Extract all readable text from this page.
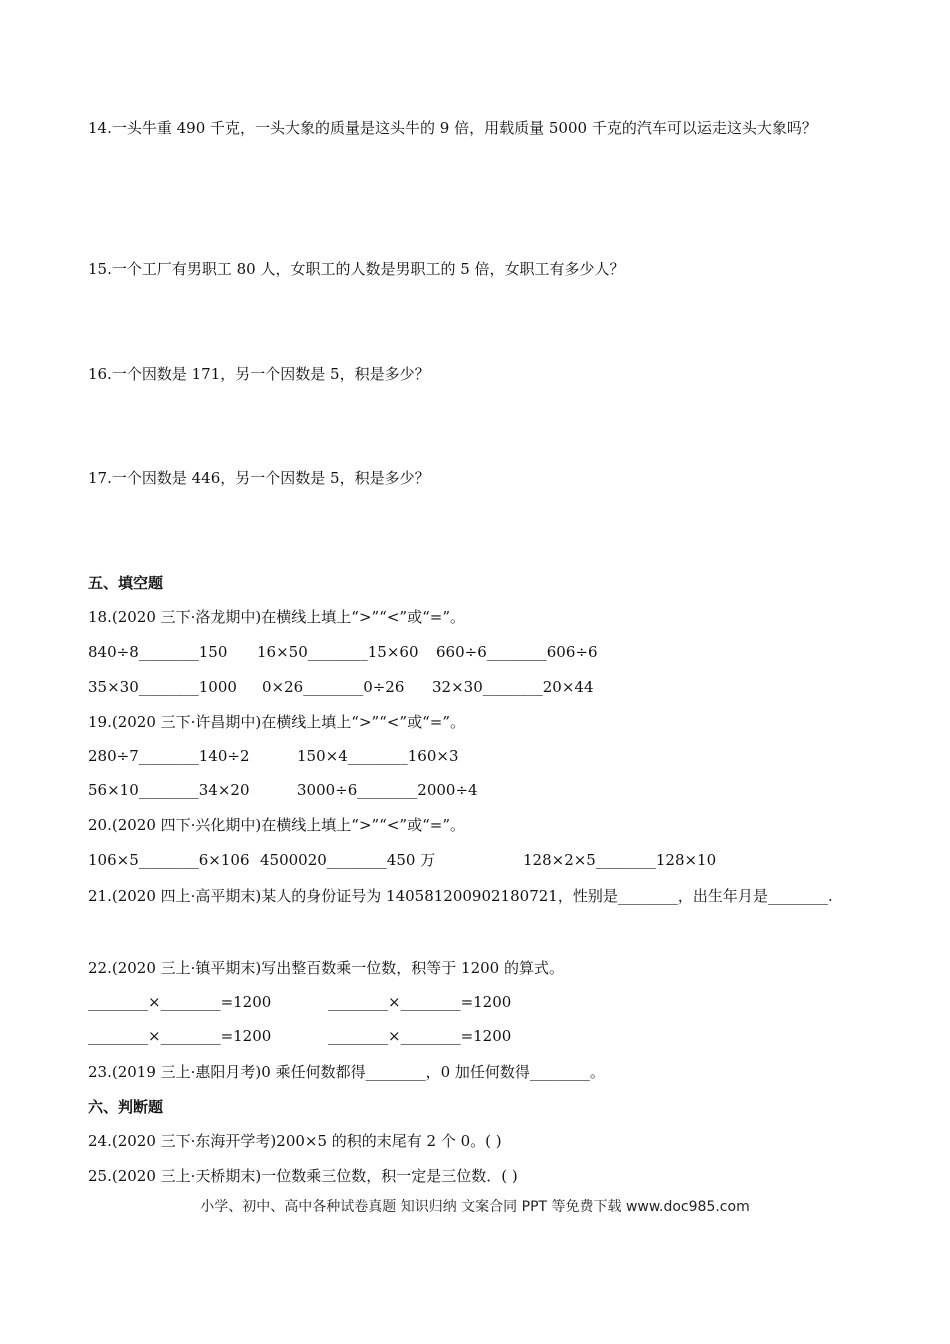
14.一头牛重 490 千克，一头大象的质量是这头牛的 9 倍，用载质量 5000 千克的汽车可以运走这头大象吗？
15.一个工厂有男职工 80 人，女职工的人数是男职工的 5 倍，女职工有多少人？
16.一个因数是 171，另一个因数是 5，积是多少？
17.一个因数是 446，另一个因数是 5，积是多少？
五、填空题
18.(2020 三下·洛龙期中)在横线上填上“>”“<”或“=”。
840÷8________150 16×50________15×60 660÷6________606÷6
35×30________1000 0×26________0÷26 32×30________20×44
19.(2020 三下·许昌期中)在横线上填上“>”“<”或“=”。
280÷7________140÷2	150×4________160×3
56×10________34×20	3000÷6________2000÷4
20.(2020 四下·兴化期中)在横线上填上“>”“<”或“=”。
106×5________6×106 4500020________450 万	128×2×5________128×10
21.(2020 四上·高平期末)某人的身份证号为 140581200902180721，性别是________，出生年月是________.
22.(2020 三上·镇平期末)写出整百数乘一位数，积等于 1200 的算式。
________×________=1200	________×________=1200
________×________=1200	________×________=1200
23.(2019 三上·惠阳月考)0 乘任何数都得________，0 加任何数得________。
六、判断题
24.(2020 三下·东海开学考)200×5 的积的末尾有 2 个 0。( )
25.(2020 三上·天桥期末)一位数乘三位数，积一定是三位数．( )
小学、初中、高中各种试卷真题 知识归纳 文案合同 PPT 等免费下载 www.doc985.com
